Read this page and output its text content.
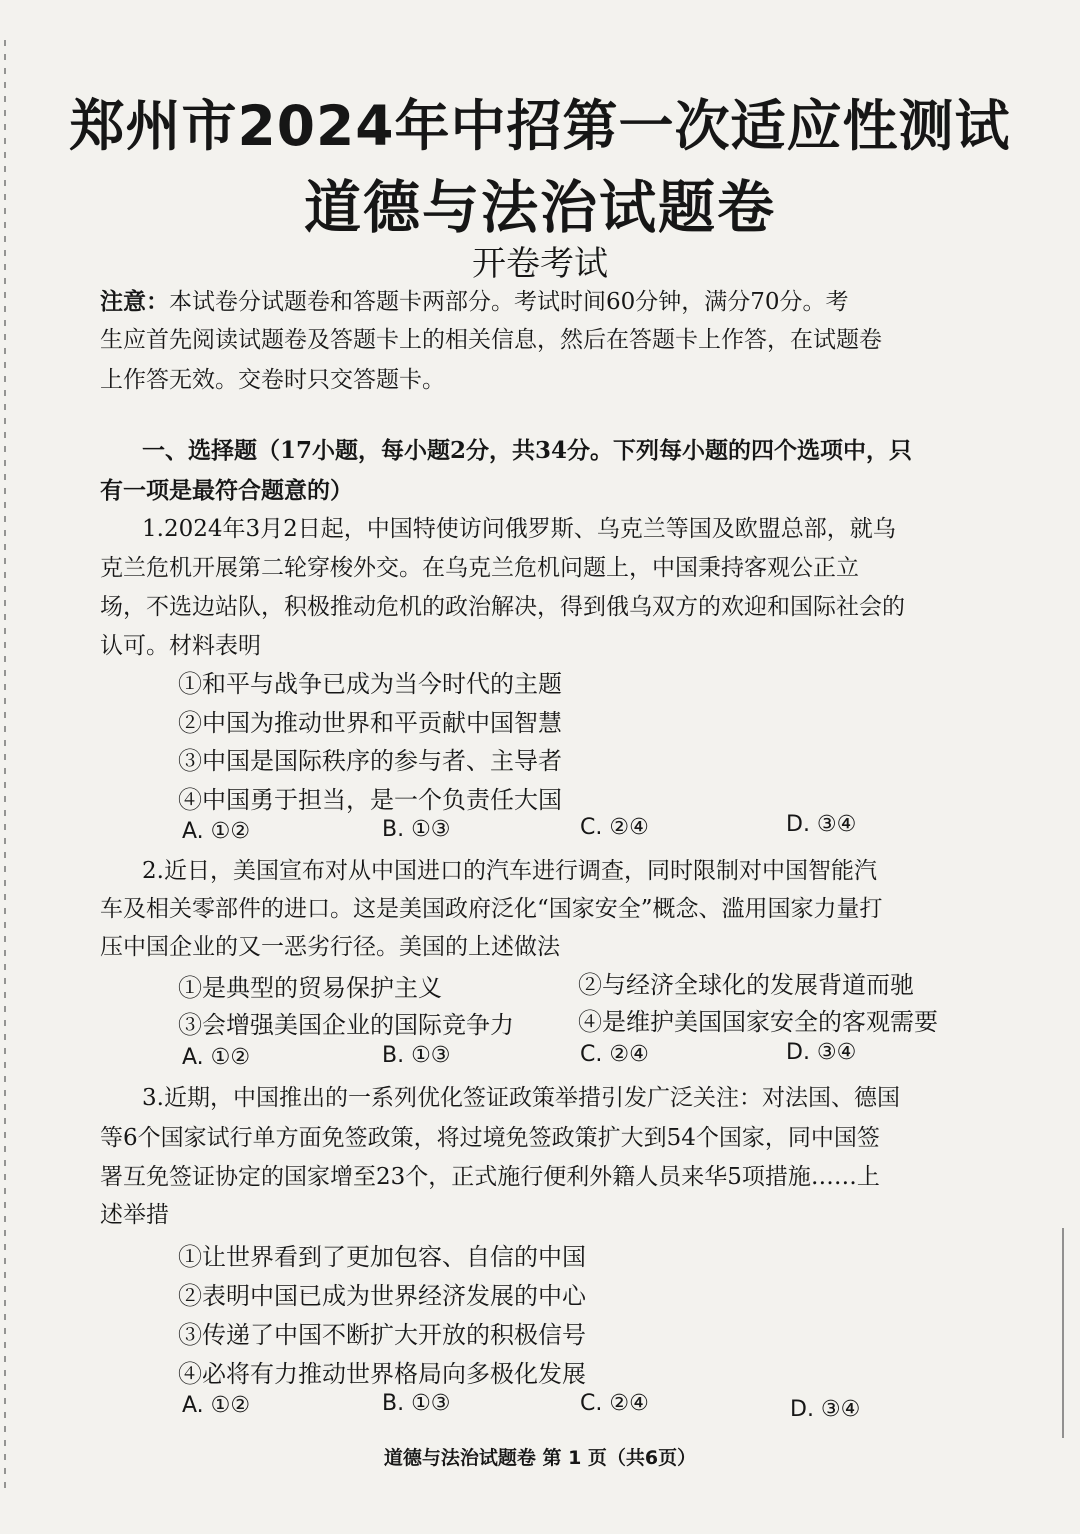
郑州市2024年中招第一次适应性测试
道德与法治试题卷
开卷考试
注意：本试卷分试题卷和答题卡两部分。考试时间60分钟，满分70分。考
生应首先阅读试题卷及答题卡上的相关信息，然后在答题卡上作答，在试题卷
上作答无效。交卷时只交答题卡。
一、选择题（17小题，每小题2分，共34分。下列每小题的四个选项中，只
有一项是最符合题意的）
1.2024年3月2日起，中国特使访问俄罗斯、乌克兰等国及欧盟总部，就乌
克兰危机开展第二轮穿梭外交。在乌克兰危机问题上，中国秉持客观公正立
场，不选边站队，积极推动危机的政治解决，得到俄乌双方的欢迎和国际社会的
认可。材料表明
①和平与战争已成为当今时代的主题
②中国为推动世界和平贡献中国智慧
③中国是国际秩序的参与者、主导者
④中国勇于担当，是一个负责任大国
A. ①②	B. ①③	C. ②④	D. ③④
2.近日，美国宣布对从中国进口的汽车进行调查，同时限制对中国智能汽
车及相关零部件的进口。这是美国政府泛化“国家安全”概念、滥用国家力量打
压中国企业的又一恶劣行径。美国的上述做法
①是典型的贸易保护主义	②与经济全球化的发展背道而驰
③会增强美国企业的国际竞争力	④是维护美国国家安全的客观需要
A. ①②	B. ①③	C. ②④	D. ③④
3.近期，中国推出的一系列优化签证政策举措引发广泛关注：对法国、德国
等6个国家试行单方面免签政策，将过境免签政策扩大到54个国家，同中国签
署互免签证协定的国家增至23个，正式施行便利外籍人员来华5项措施……上
述举措
①让世界看到了更加包容、自信的中国
②表明中国已成为世界经济发展的中心
③传递了中国不断扩大开放的积极信号
④必将有力推动世界格局向多极化发展
A. ①②	B. ①③	C. ②④	D. ③④
道德与法治试题卷 第 1 页（共6页）
